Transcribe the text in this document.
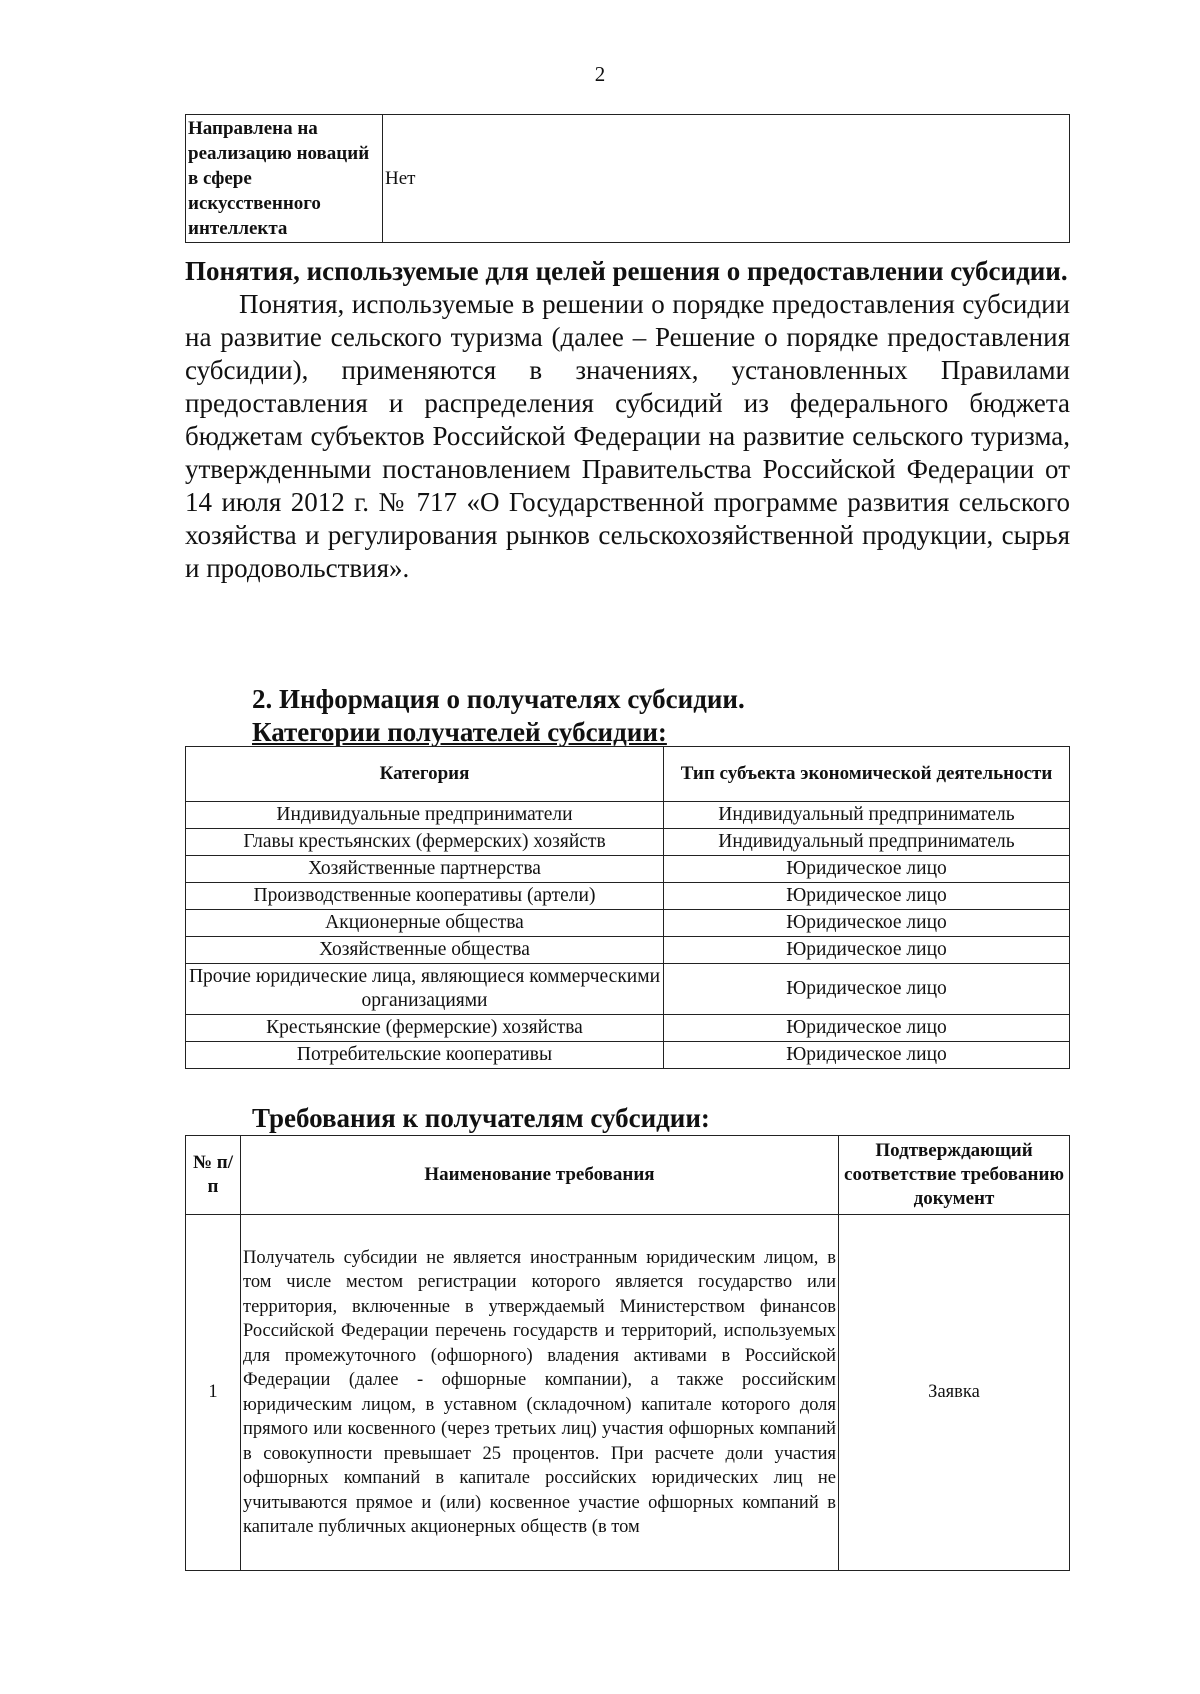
2
Направлена на реализацию новаций в сфере искусственного интеллекта	Нет

Понятия, используемые для целей решения о предоставлении субсидии.

Понятия, используемые в решении о порядке предоставления субсидии на развитие сельского туризма (далее – Решение о порядке предоставления субсидии), применяются в значениях, установленных Правилами предоставления и распределения субсидий из федерального бюджета бюджетам субъектов Российской Федерации на развитие сельского туризма, утвержденными постановлением Правительства Российской Федерации от 14 июля 2012 г. № 717 «О Государственной программе развития сельского хозяйства и регулирования рынков сельскохозяйственной продукции, сырья и продовольствия».

2. Информация о получателях субсидии.

Категории получателей субсидии:

Категория	Тип субъекта экономической деятельности
Индивидуальные предприниматели	Индивидуальный предприниматель
Главы крестьянских (фермерских) хозяйств	Индивидуальный предприниматель
Хозяйственные партнерства	Юридическое лицо
Производственные кооперативы (артели)	Юридическое лицо
Акционерные общества	Юридическое лицо
Хозяйственные общества	Юридическое лицо
Прочие юридические лица, являющиеся коммерческими организациями	Юридическое лицо
Крестьянские (фермерские) хозяйства	Юридическое лицо
Потребительские кооперативы	Юридическое лицо

Требования к получателям субсидии:

№ п/п	Наименование требования	Подтверждающий соответствие требованию документ
1	Получатель субсидии не является иностранным юридическим лицом, в том числе местом регистрации которого является государство или территория, включенные в утверждаемый Министерством финансов Российской Федерации перечень государств и территорий, используемых для промежуточного (офшорного) владения активами в Российской Федерации (далее - офшорные компании), а также российским юридическим лицом, в уставном (складочном) капитале которого доля прямого или косвенного (через третьих лиц) участия офшорных компаний в совокупности превышает 25 процентов. При расчете доли участия офшорных компаний в капитале российских юридических лиц не учитываются прямое и (или) косвенное участие офшорных компаний в капитале публичных акционерных обществ (в том	Заявка
